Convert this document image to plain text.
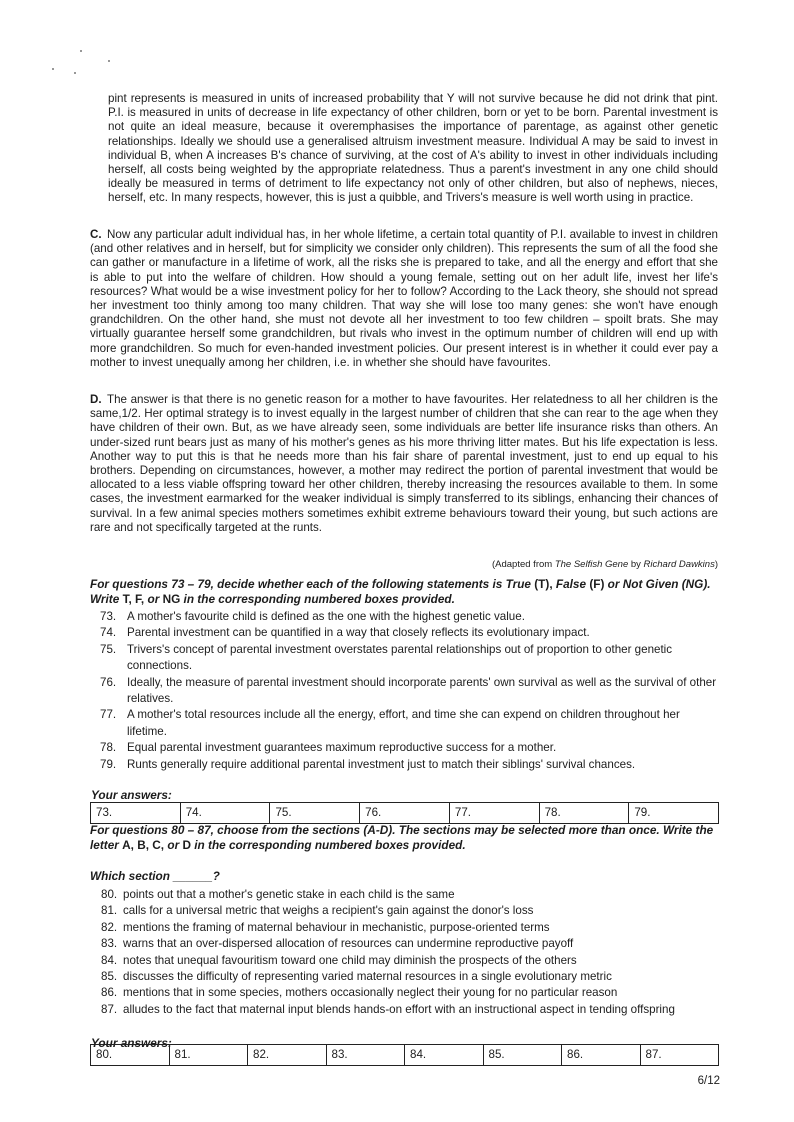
pint represents is measured in units of increased probability that Y will not survive because he did not drink that pint. P.I. is measured in units of decrease in life expectancy of other children, born or yet to be born. Parental investment is not quite an ideal measure, because it overemphasises the importance of parentage, as against other genetic relationships. Ideally we should use a generalised altruism investment measure. Individual A may be said to invest in individual B, when A increases B's chance of surviving, at the cost of A's ability to invest in other individuals including herself, all costs being weighted by the appropriate relatedness. Thus a parent's investment in any one child should ideally be measured in terms of detriment to life expectancy not only of other children, but also of nephews, nieces, herself, etc. In many respects, however, this is just a quibble, and Trivers's measure is well worth using in practice.

C. Now any particular adult individual has, in her whole lifetime, a certain total quantity of P.I. available to invest in children (and other relatives and in herself, but for simplicity we consider only children). This represents the sum of all the food she can gather or manufacture in a lifetime of work, all the risks she is prepared to take, and all the energy and effort that she is able to put into the welfare of children. How should a young female, setting out on her adult life, invest her life's resources? What would be a wise investment policy for her to follow? According to the Lack theory, she should not spread her investment too thinly among too many children. That way she will lose too many genes: she won't have enough grandchildren. On the other hand, she must not devote all her investment to too few children – spoilt brats. She may virtually guarantee herself some grandchildren, but rivals who invest in the optimum number of children will end up with more grandchildren. So much for even-handed investment policies. Our present interest is in whether it could ever pay a mother to invest unequally among her children, i.e. in whether she should have favourites.

D. The answer is that there is no genetic reason for a mother to have favourites. Her relatedness to all her children is the same,1/2. Her optimal strategy is to invest equally in the largest number of children that she can rear to the age when they have children of their own. But, as we have already seen, some individuals are better life insurance risks than others. An under-sized runt bears just as many of his mother's genes as his more thriving litter mates. But his life expectation is less. Another way to put this is that he needs more than his fair share of parental investment, just to end up equal to his brothers. Depending on circumstances, however, a mother may redirect the portion of parental investment that would be allocated to a less viable offspring toward her other children, thereby increasing the resources available to them. In some cases, the investment earmarked for the weaker individual is simply transferred to its siblings, enhancing their chances of survival. In a few animal species mothers sometimes exhibit extreme behaviours toward their young, but such actions are rare and not specifically targeted at the runts.

(Adapted from The Selfish Gene by Richard Dawkins)

For questions 73 – 79, decide whether each of the following statements is True (T), False (F) or Not Given (NG). Write T, F, or NG in the corresponding numbered boxes provided.

73. A mother's favourite child is defined as the one with the highest genetic value.
74. Parental investment can be quantified in a way that closely reflects its evolutionary impact.
75. Trivers's concept of parental investment overstates parental relationships out of proportion to other genetic connections.
76. Ideally, the measure of parental investment should incorporate parents' own survival as well as the survival of other relatives.
77. A mother's total resources include all the energy, effort, and time she can expend on children throughout her lifetime.
78. Equal parental investment guarantees maximum reproductive success for a mother.
79. Runts generally require additional parental investment just to match their siblings' survival chances.
Your answers:
73.	74.	75.	76.	77.	78.	79.

For questions 80 – 87, choose from the sections (A-D). The sections may be selected more than once. Write the letter A, B, C, or D in the corresponding numbered boxes provided.

Which section ______?
80. points out that a mother's genetic stake in each child is the same
81. calls for a universal metric that weighs a recipient's gain against the donor's loss
82. mentions the framing of maternal behaviour in mechanistic, purpose-oriented terms
83. warns that an over-dispersed allocation of resources can undermine reproductive payoff
84. notes that unequal favouritism toward one child may diminish the prospects of the others
85. discusses the difficulty of representing varied maternal resources in a single evolutionary metric
86. mentions that in some species, mothers occasionally neglect their young for no particular reason
87. alludes to the fact that maternal input blends hands-on effort with an instructional aspect in tending offspring
Your answers:
80.	81.	82.	83.	84.	85.	86.	87.
6/12
